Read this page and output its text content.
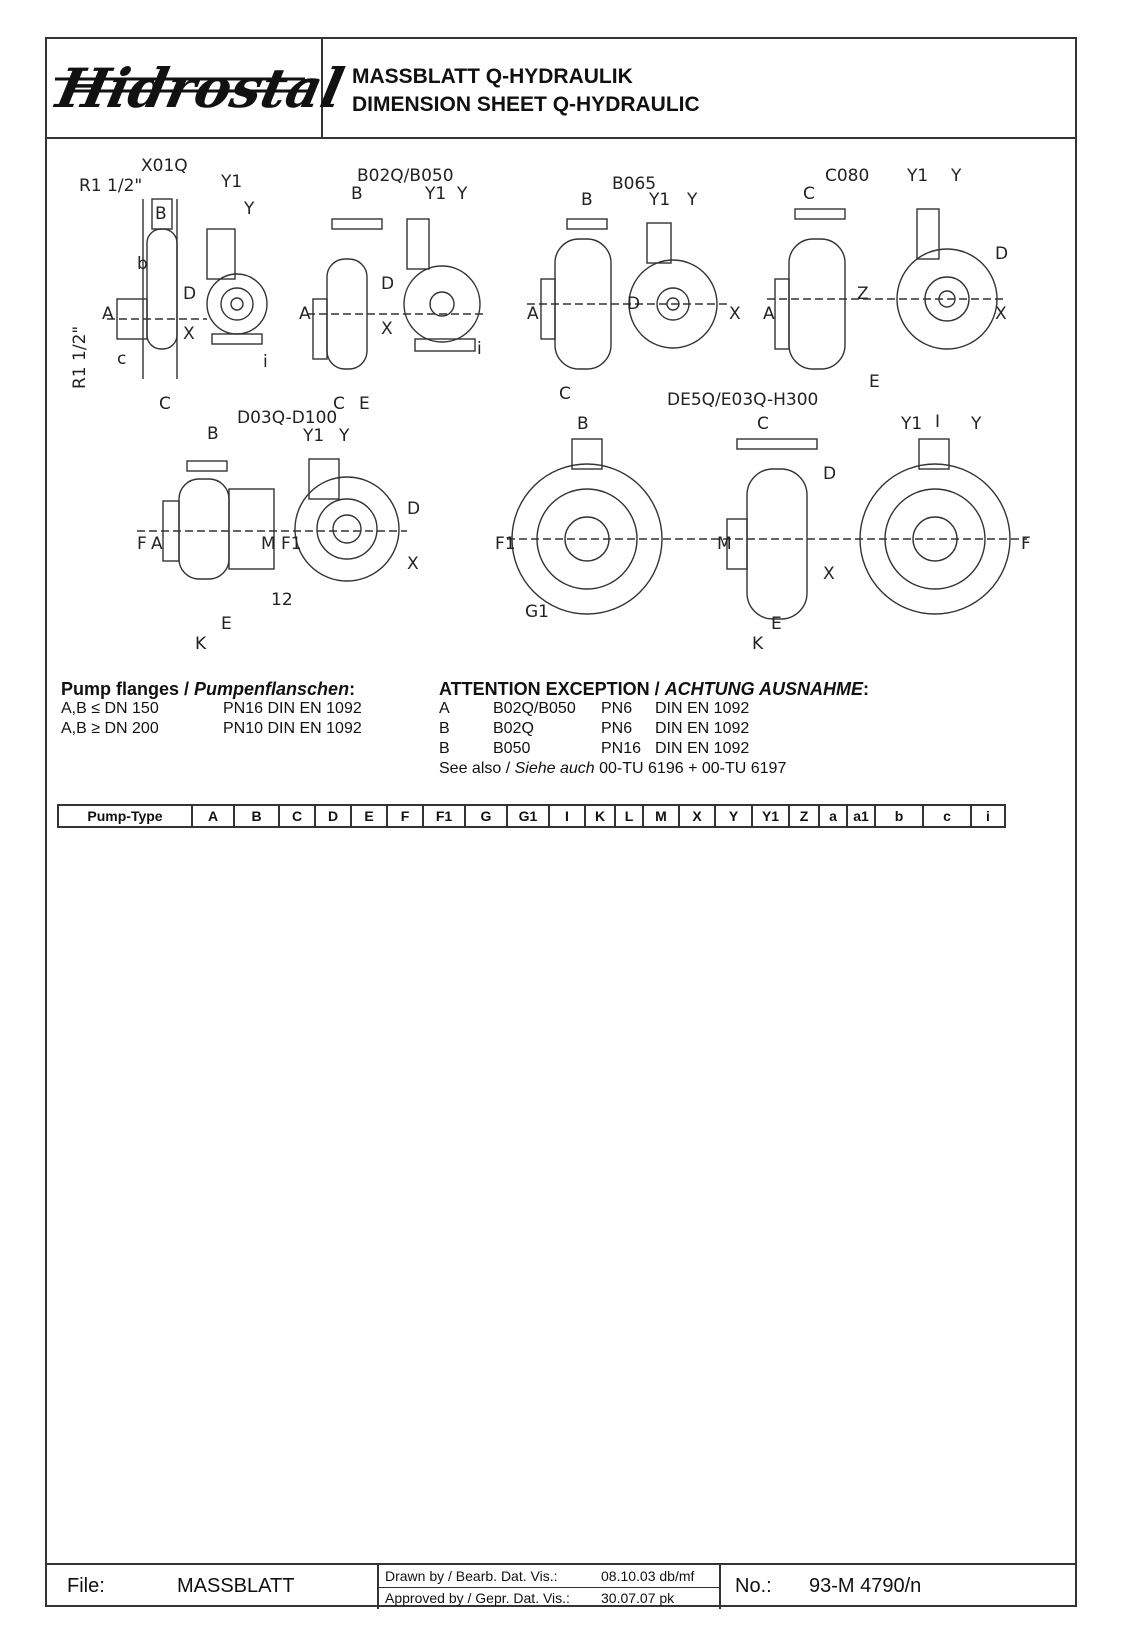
Hidrostal MASSBLATT Q-HYDRAULIK
DIMENSION SHEET Q-HYDRAULIC
X01Q
R1 1/2"
R1 1/2"
B
A
D
X
Y1
Y
C
c
b
i
B02Q/B050
B
A
D
X
Y1 Y
C E
i
B065
B
A	D	X
Y1 Y
C
C080
C
A
Z
D
X
Y1 Y
E
I
D03Q-D100
B
F A	M F1
Y1 Y
D
X
12
E
K
DE5Q/E03Q-H300
B	C
F1
G1
M
E
K
D
X
Y1	Y
F
Pump flanges / Pumpenflanschen:
A,B ≤ DN 150	PN16 DIN EN 1092
A,B ≥ DN 200	PN10 DIN EN 1092
ATTENTION EXCEPTION / ACHTUNG AUSNAHME:
A	B02Q/B050 PN6 DIN EN 1092
B	B02Q	PN6 DIN EN 1092
B	B050	PN16 DIN EN 1092
See also / Siehe auch 00-TU 6196 + 00-TU 6197
Pump-Type	A	B	C	D	E	F	F1	G	G1	I	K	L	M	X	Y	Y1	Z	a	a1	b	c	i
File:	MASSBLATT	Drawn by / Bearb. Dat. Vis.:	08.10.03 db/mf
Approved by / Gepr. Dat. Vis.: 30.07.07 pk
No.: 93-M 4790/n
